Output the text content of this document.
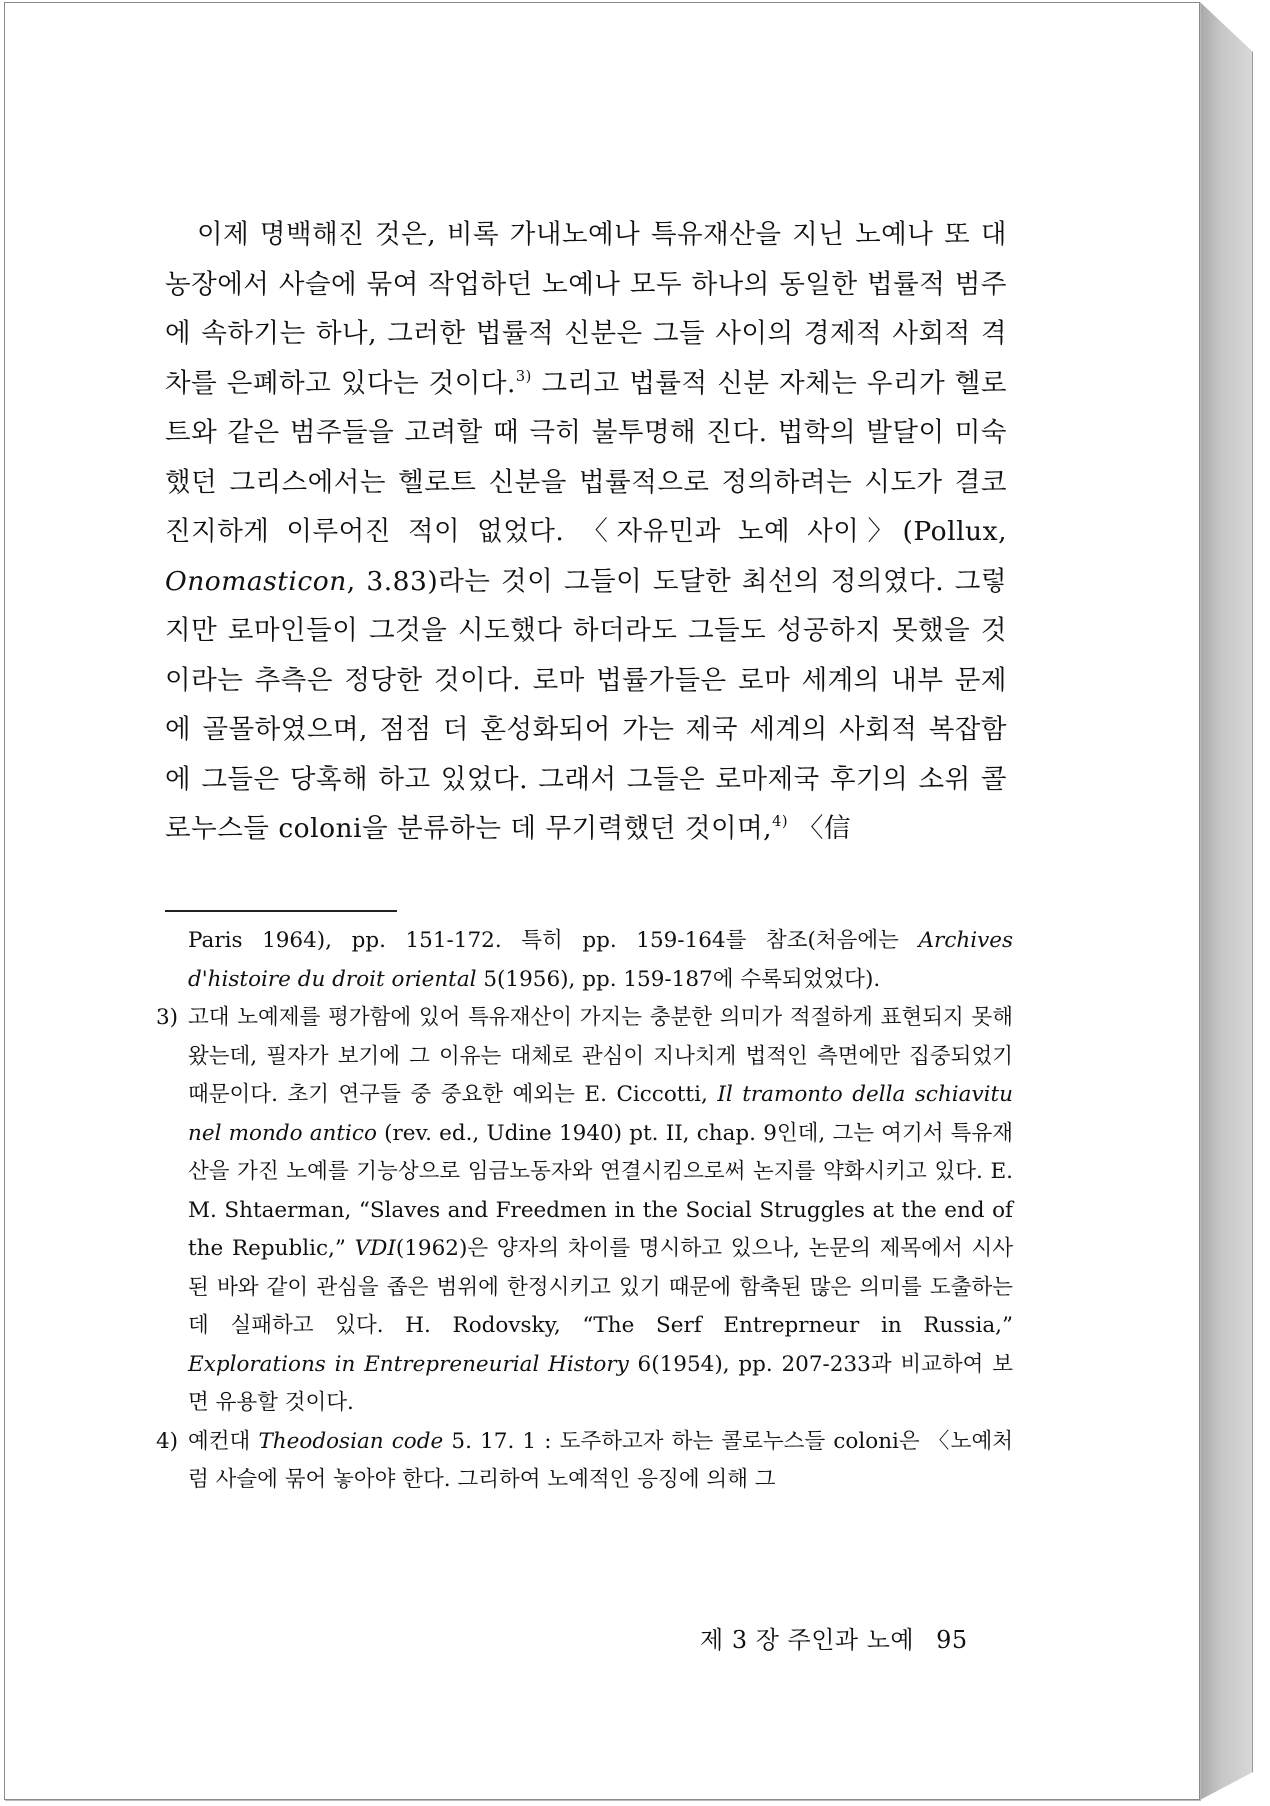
이제 명백해진 것은, 비록 가내노예나 특유재산을 지닌 노예나 또 대농장에서 사슬에 묶여 작업하던 노예나 모두 하나의 동일한 법률적 범주에 속하기는 하나, 그러한 법률적 신분은 그들 사이의 경제적 사회적 격차를 은폐하고 있다는 것이다.$^{3)}$ 그리고 법률적 신분 자체는 우리가 헬로트와 같은 범주들을 고려할 때 극히 불투명해 진다. 법학의 발달이 미숙했던 그리스에서는 헬로트 신분을 법률적으로 정의하려는 시도가 결코 진지하게 이루어진 적이 없었다. 〈자유민과 노예 사이〉(Pollux, Onomasticon, 3.83)라는 것이 그들이 도달한 최선의 정의였다. 그렇지만 로마인들이 그것을 시도했다 하더라도 그들도 성공하지 못했을 것이라는 추측은 정당한 것이다. 로마 법률가들은 로마 세계의 내부 문제에 골몰하였으며, 점점 더 혼성화되어 가는 제국 세계의 사회적 복잡함에 그들은 당혹해 하고 있었다. 그래서 그들은 로마제국 후기의 소위 콜로누스들 coloni을 분류하는 데 무기력했던 것이며,$^{4)}$ 〈信

Paris 1964), pp. 151-172. 특히 pp. 159-164를 참조(처음에는 Archives d'histoire du droit oriental 5(1956), pp. 159-187에 수록되었었다).

3) 고대 노예제를 평가함에 있어 특유재산이 가지는 충분한 의미가 적절하게 표현되지 못해 왔는데, 필자가 보기에 그 이유는 대체로 관심이 지나치게 법적인 측면에만 집중되었기 때문이다. 초기 연구들 중 중요한 예외는 E. Ciccotti, Il tramonto della schiavitu nel mondo antico (rev. ed., Udine 1940) pt. II, chap. 9인데, 그는 여기서 특유재산을 가진 노예를 기능상으로 임금노동자와 연결시킴으로써 논지를 약화시키고 있다. E. M. Shtaerman, “Slaves and Freedmen in the Social Struggles at the end of the Republic,” VDI(1962)은 양자의 차이를 명시하고 있으나, 논문의 제목에서 시사된 바와 같이 관심을 좁은 범위에 한정시키고 있기 때문에 함축된 많은 의미를 도출하는 데 실패하고 있다. H. Rodovsky, “The Serf Entreprneur in Russia,” Explorations in Entrepreneurial History 6(1954), pp. 207-233과 비교하여 보면 유용할 것이다.

4) 예컨대 Theodosian code 5. 17. 1 : 도주하고자 하는 콜로누스들 coloni은 〈노예처럼 사슬에 묶어 놓아야 한다. 그리하여 노예적인 응징에 의해 그

제 3 장 주인과 노예 95
